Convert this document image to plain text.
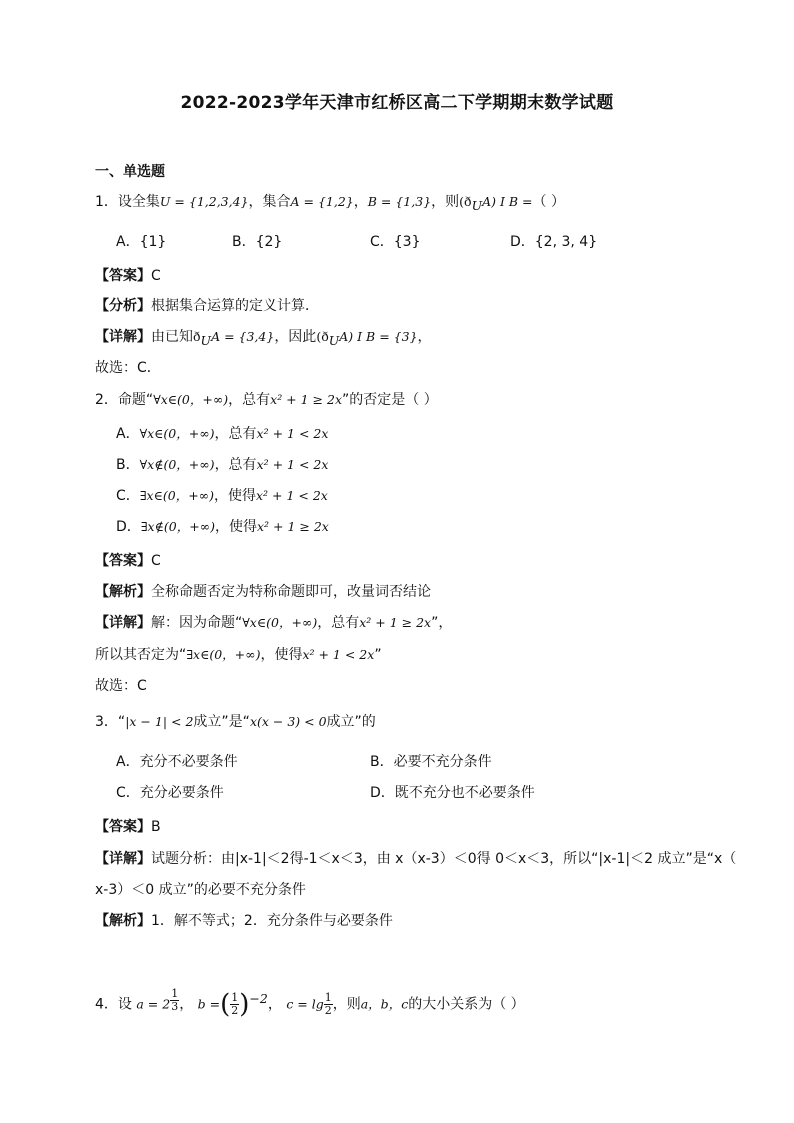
2022-2023学年天津市红桥区高二下学期期末数学试题
一、单选题
1．设全集U = {1,2,3,4}，集合A = {1,2}，B = {1,3}，则$(ð_UA)$ I B =（ ）
A．{1}	B．{2}	C．{3}	D．{2, 3, 4}
【答案】C
【分析】根据集合运算的定义计算．
【详解】由已知$ð_UA = \{3,4\}$，因此$(ð_UA)$ I B = {3}，
故选：C．
2．命题“∀x∈(0，+∞)，总有x² + 1 ≥ 2x”的否定是（ ）
A．∀x∈(0，+∞)，总有x² + 1 < 2x
B．∀x∉(0，+∞)，总有x² + 1 < 2x
C．∃x∈(0，+∞)，使得x² + 1 < 2x
D．∃x∉(0，+∞)，使得x² + 1 ≥ 2x
【答案】C
【解析】全称命题否定为特称命题即可，改量词否结论
【详解】解：因为命题“∀x∈(0，+∞)，总有x² + 1 ≥ 2x”，
所以其否定为“∃x∈(0，+∞)，使得x² + 1 < 2x”
故选：C
3．“|x − 1| < 2成立”是“x(x − 3) < 0成立”的
A．充分不必要条件	B．必要不充分条件
C．充分必要条件	D．既不充分也不必要条件
【答案】B
【详解】试题分析：由|x-1|＜2得-1＜x＜3，由 x（x-3）＜0得 0＜x＜3，所以“|x-1|＜2 成立”是“x（
x-3）＜0 成立”的必要不充分条件
【解析】1．解不等式；2．充分条件与必要条件
4．设 a = 2 $^{\frac{1}{3}}$ ， b =( $\frac{1}{2} )^{-2}$， $c = \lg \frac{1}{2}$ ，则a，b，c的大小关系为（ ）
